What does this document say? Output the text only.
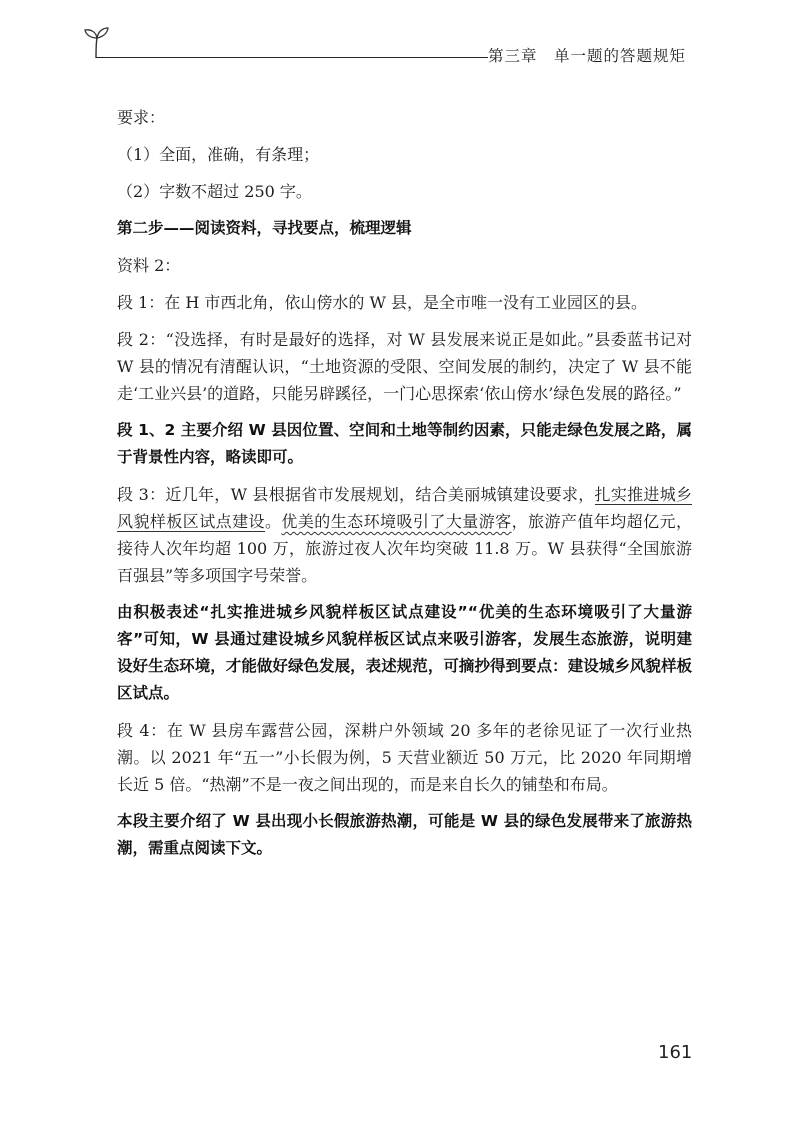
第三章　单一题的答题规矩

要求：

（1）全面，准确，有条理；

（2）字数不超过 250 字。

第二步——阅读资料，寻找要点，梳理逻辑

资料 2：

段 1：在 H 市西北角，依山傍水的 W 县，是全市唯一没有工业园区的县。

段 2：“没选择，有时是最好的选择，对 W 县发展来说正是如此。”县委蓝书记对 W 县的情况有清醒认识，“土地资源的受限、空间发展的制约，决定了 W 县不能走‘工业兴县’的道路，只能另辟蹊径，一门心思探索‘依山傍水’绿色发展的路径。”

段 1、2 主要介绍 W 县因位置、空间和土地等制约因素，只能走绿色发展之路，属于背景性内容，略读即可。

段 3：近几年，W 县根据省市发展规划，结合美丽城镇建设要求，扎实推进城乡风貌样板区试点建设。优美的生态环境吸引了大量游客，旅游产值年均超亿元，接待人次年均超 100 万，旅游过夜人次年均突破 11.8 万。W 县获得“全国旅游百强县”等多项国字号荣誉。

由积极表述“扎实推进城乡风貌样板区试点建设”“优美的生态环境吸引了大量游客”可知，W 县通过建设城乡风貌样板区试点来吸引游客，发展生态旅游，说明建设好生态环境，才能做好绿色发展，表述规范，可摘抄得到要点：建设城乡风貌样板区试点。

段 4：在 W 县房车露营公园，深耕户外领域 20 多年的老徐见证了一次行业热潮。以 2021 年“五一”小长假为例，5 天营业额近 50 万元，比 2020 年同期增长近 5 倍。“热潮”不是一夜之间出现的，而是来自长久的铺垫和布局。

本段主要介绍了 W 县出现小长假旅游热潮，可能是 W 县的绿色发展带来了旅游热潮，需重点阅读下文。

161
